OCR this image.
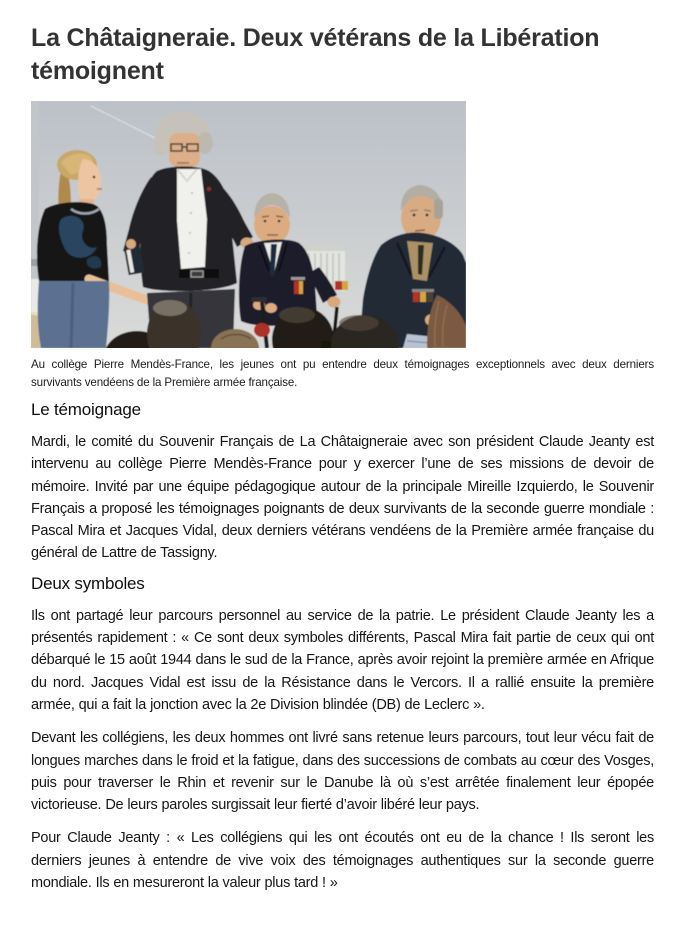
La Châtaigneraie. Deux vétérans de la Libération témoignent

Au collège Pierre Mendès-France, les jeunes ont pu entendre deux témoignages exceptionnels avec deux derniers survivants vendéens de la Première armée française.

Le témoignage

Mardi, le comité du Souvenir Français de La Châtaigneraie avec son président Claude Jeanty est intervenu au collège Pierre Mendès-France pour y exercer l’une de ses missions de devoir de mémoire. Invité par une équipe pédagogique autour de la principale Mireille Izquierdo, le Souvenir Français a proposé les témoignages poignants de deux survivants de la seconde guerre mondiale : Pascal Mira et Jacques Vidal, deux derniers vétérans vendéens de la Première armée française du général de Lattre de Tassigny.

Deux symboles

Ils ont partagé leur parcours personnel au service de la patrie. Le président Claude Jeanty les a présentés rapidement : « Ce sont deux symboles différents, Pascal Mira fait partie de ceux qui ont débarqué le 15 août 1944 dans le sud de la France, après avoir rejoint la première armée en Afrique du nord. Jacques Vidal est issu de la Résistance dans le Vercors. Il a rallié ensuite la première armée, qui a fait la jonction avec la 2e Division blindée (DB) de Leclerc ».

Devant les collégiens, les deux hommes ont livré sans retenue leurs parcours, tout leur vécu fait de longues marches dans le froid et la fatigue, dans des successions de combats au cœur des Vosges, puis pour traverser le Rhin et revenir sur le Danube là où s’est arrêtée finalement leur épopée victorieuse. De leurs paroles surgissait leur fierté d’avoir libéré leur pays.

Pour Claude Jeanty : « Les collégiens qui les ont écoutés ont eu de la chance ! Ils seront les derniers jeunes à entendre de vive voix des témoignages authentiques sur la seconde guerre mondiale. Ils en mesureront la valeur plus tard ! »
